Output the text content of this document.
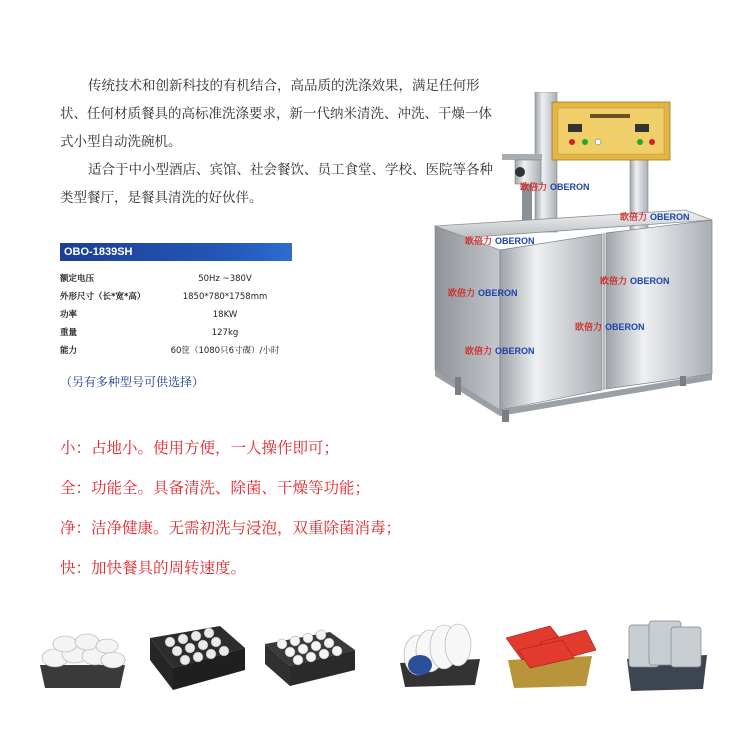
传统技术和创新科技的有机结合，高品质的洗涤效果，满足任何形状、任何材质餐具的高标准洗涤要求，新一代纳米清洗、冲洗、干燥一体式小型自动洗碗机。

适合于中小型酒店、宾馆、社会餐饮、员工食堂、学校、医院等各种类型餐厅，是餐具清洗的好伙伴。

OBO-1839SH
额定电压	50Hz ~380V
外形尺寸（长*宽*高）	1850*780*1758mm
功率	18KW
重量	127kg
能力	60筐（1080只6寸碟）/小时
（另有多种型号可供选择）
欧倍力 OBERON
欧倍力 OBERON
欧倍力 OBERON
欧倍力 OBERON
欧倍力 OBERON
欧倍力 OBERON
欧倍力 OBERON
小：占地小。使用方便，一人操作即可；
全：功能全。具备清洗、除菌、干燥等功能；
净：洁净健康。无需初洗与浸泡，双重除菌消毒；
快：加快餐具的周转速度。
